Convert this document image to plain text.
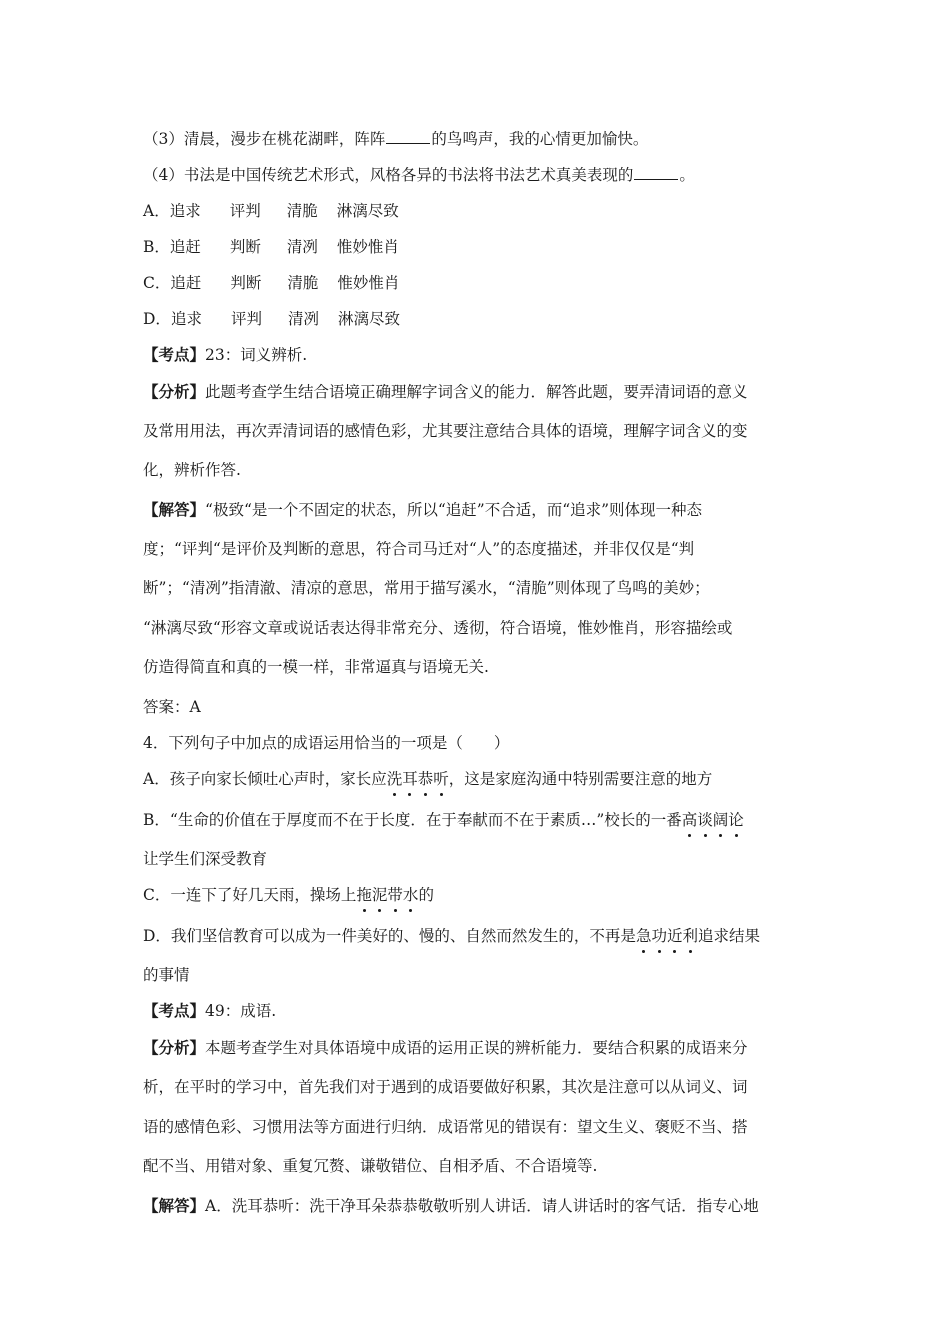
（3）清晨，漫步在桃花湖畔，阵阵	的鸟鸣声，我的心情更加愉快。
（4）书法是中国传统艺术形式，风格各异的书法将书法艺术真美表现的	。
A．追求 评判 清脆 淋漓尽致
B．追赶 判断 清冽 惟妙惟肖
C．追赶 判断 清脆 惟妙惟肖
D．追求 评判 清冽 淋漓尽致
【考点】23：词义辨析.
【分析】此题考查学生结合语境正确理解字词含义的能力．解答此题，要弄清词语的意义
及常用用法，再次弄清词语的感情色彩，尤其要注意结合具体的语境，理解字词含义的变
化，辨析作答.
【解答】“极致“是一个不固定的状态，所以“追赶”不合适，而“追求”则体现一种态
度；“评判“是评价及判断的意思，符合司马迁对“人”的态度描述，并非仅仅是“判
断”；“清冽”指清澈、清凉的意思，常用于描写溪水，“清脆”则体现了鸟鸣的美妙；
“淋漓尽致“形容文章或说话表达得非常充分、透彻，符合语境，惟妙惟肖，形容描绘或
仿造得简直和真的一模一样，非常逼真与语境无关.
答案：A
4．下列句子中加点的成语运用恰当的一项是（　　）
A．孩子向家长倾吐心声时，家长应洗耳恭听，这是家庭沟通中特别需要注意的地方
B．“生命的价值在于厚度而不在于长度．在于奉献而不在于素质…”校长的一番高谈阔论
让学生们深受教育
C．一连下了好几天雨，操场上拖泥带水的
D．我们坚信教育可以成为一件美好的、慢的、自然而然发生的，不再是急功近利追求结果
的事情
【考点】49：成语.
【分析】本题考查学生对具体语境中成语的运用正误的辨析能力．要结合积累的成语来分
析，在平时的学习中，首先我们对于遇到的成语要做好积累，其次是注意可以从词义、词
语的感情色彩、习惯用法等方面进行归纳．成语常见的错误有：望文生义、褒贬不当、搭
配不当、用错对象、重复冗赘、谦敬错位、自相矛盾、不合语境等.
【解答】A．洗耳恭听：洗干净耳朵恭恭敬敬听别人讲话．请人讲话时的客气话．指专心地
